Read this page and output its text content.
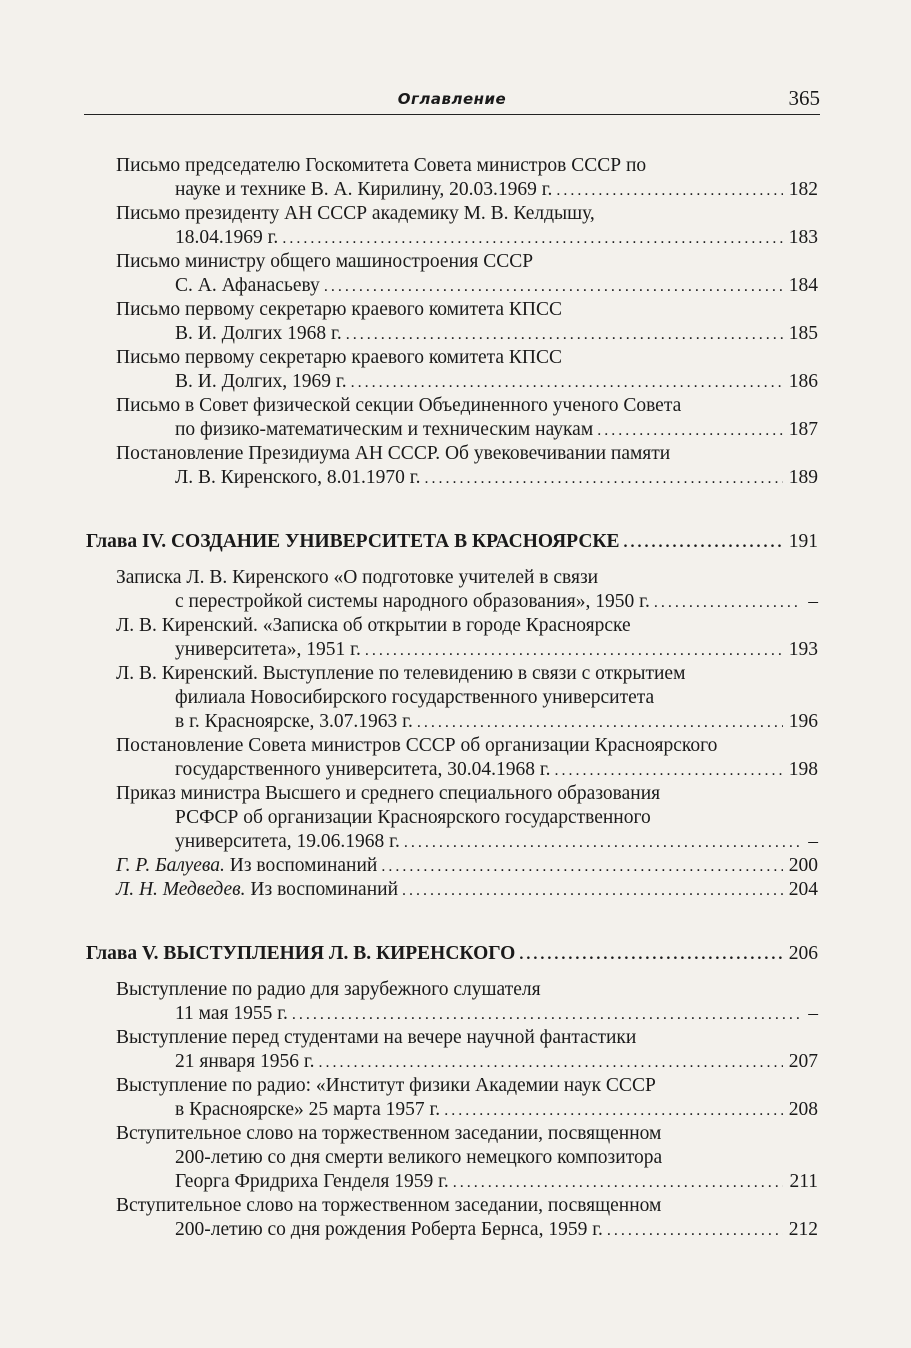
Оглавление	365
Письмо председателю Госкомитета Совета министров СССР по
науке и технике В. А. Кирилину, 20.03.1969 г. .....	182
Письмо президенту АН СССР академику М. В. Келдышу,
18.04.1969 г. .....	183
Письмо министру общего машиностроения СССР
С. А. Афанасьеву .....	184
Письмо первому секретарю краевого комитета КПСС
В. И. Долгих 1968 г. .....	185
Письмо первому секретарю краевого комитета КПСС
В. И. Долгих, 1969 г. .....	186
Письмо в Совет физической секции Объединенного ученого Совета
по физико-математическим и техническим наукам .....	187
Постановление Президиума АН СССР. Об увековечивании памяти
Л. В. Киренского, 8.01.1970 г. .....	189
Глава IV. СОЗДАНИЕ УНИВЕРСИТЕТА В КРАСНОЯРСКЕ .....	191
Записка Л. В. Киренского «О подготовке учителей в связи
с перестройкой системы народного образования», 1950 г. .....	–
Л. В. Киренский. «Записка об открытии в городе Красноярске
университета», 1951 г. .....	193
Л. В. Киренский. Выступление по телевидению в связи с открытием
филиала Новосибирского государственного университета
в г. Красноярске, 3.07.1963 г. .....	196
Постановление Совета министров СССР об организации Красноярского
государственного университета, 30.04.1968 г. .....	198
Приказ министра Высшего и среднего специального образования
РСФСР об организации Красноярского государственного
университета, 19.06.1968 г. .....	–
Г. Р. Балуева. Из воспоминаний .....	200
Л. Н. Медведев. Из воспоминаний .....	204
Глава V. ВЫСТУПЛЕНИЯ Л. В. КИРЕНСКОГО .....	206
Выступление по радио для зарубежного слушателя
11 мая 1955 г. .....	–
Выступление перед студентами на вечере научной фантастики
21 января 1956 г. .....	207
Выступление по радио: «Институт физики Академии наук СССР
в Красноярске» 25 марта 1957 г. .....	208
Вступительное слово на торжественном заседании, посвященном
200-летию со дня смерти великого немецкого композитора
Георга Фридриха Генделя 1959 г. .....	211
Вступительное слово на торжественном заседании, посвященном
200-летию со дня рождения Роберта Бернса, 1959 г. .....	212
